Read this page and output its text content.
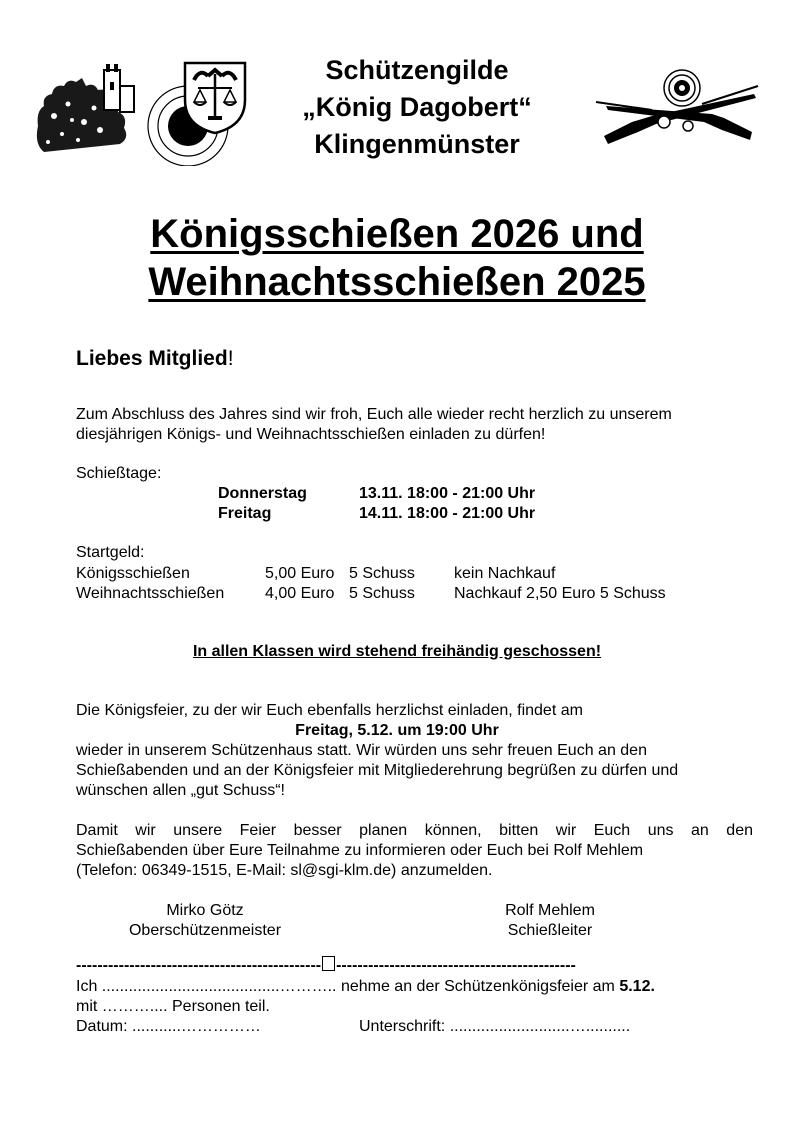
Schützengilde
„König Dagobert“
Klingenmünster
Königsschießen 2026 und
Weihnachtsschießen 2025
Liebes Mitglied!
Zum Abschluss des Jahres sind wir froh, Euch alle wieder recht herzlich zu unserem
diesjährigen Königs- und Weihnachtsschießen einladen zu dürfen!
Schießtage:
Donnerstag	13.11. 18:00 - 21:00 Uhr
Freitag	14.11. 18:00 - 21:00 Uhr
Startgeld:
Königsschießen	5,00 Euro 5 Schuss kein Nachkauf
Weihnachtsschießen	4,00 Euro 5 Schuss Nachkauf 2,50 Euro 5 Schuss
In allen Klassen wird stehend freihändig geschossen!
Die Königsfeier, zu der wir Euch ebenfalls herzlichst einladen, findet am
Freitag, 5.12. um 19:00 Uhr
wieder in unserem Schützenhaus statt. Wir würden uns sehr freuen Euch an den
Schießabenden und an der Königsfeier mit Mitgliederehrung begrüßen zu dürfen und
wünschen allen „gut Schuss“!
Damit wir unsere Feier besser planen können, bitten wir Euch uns an den
Schießabenden über Eure Teilnahme zu informieren oder Euch bei Rolf Mehlem
(Telefon: 06349-1515, E-Mail: sl@sgi-klm.de) anzumelden.
Mirko Götz
Oberschützenmeister
Rolf Mehlem
Schießleiter
---------------------------------------------- ---------------------------------------------
Ich ........................................……….. nehme an der Schützenkönigsfeier am 5.12.
mit ……….... Personen teil.
Datum: ...........……………	Unterschrift: ...........................…..........
